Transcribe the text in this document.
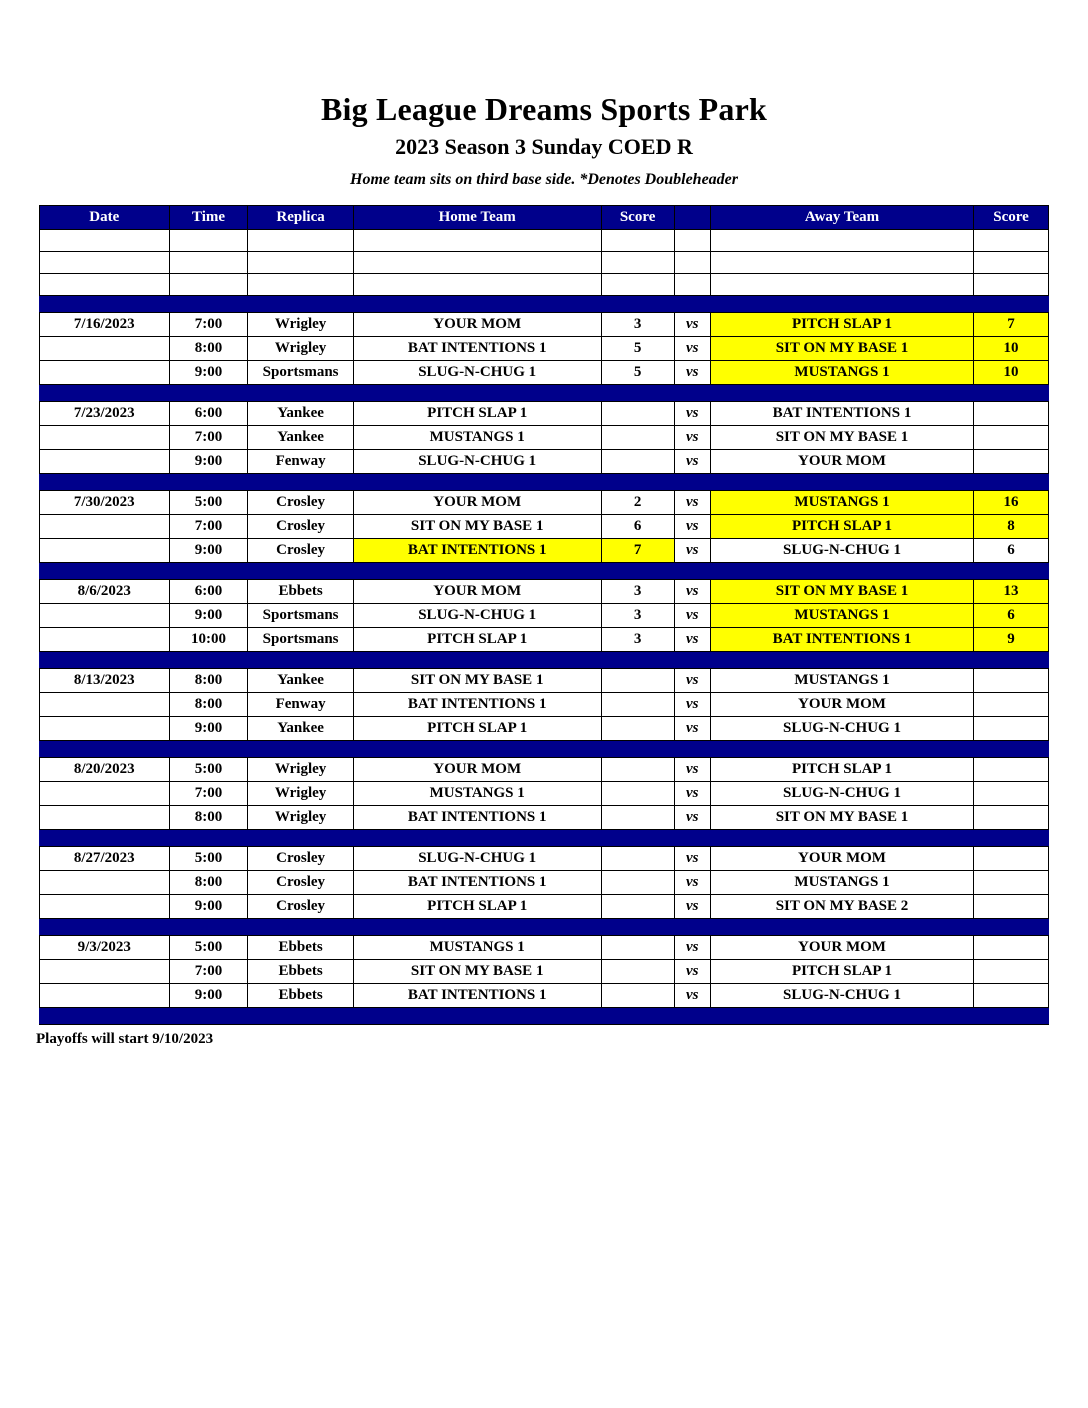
Big League Dreams Sports Park
2023 Season 3 Sunday COED R
Home team sits on third base side. *Denotes Doubleheader
Date	Time	Replica	Home Team	Score		Away Team	Score

7/16/2023	7:00	Wrigley	YOUR MOM	3	vs	PITCH SLAP 1	7
	8:00	Wrigley	BAT INTENTIONS 1	5	vs	SIT ON MY BASE 1	10
	9:00	Sportsmans	SLUG-N-CHUG 1	5	vs	MUSTANGS 1	10

7/23/2023	6:00	Yankee	PITCH SLAP 1		vs	BAT INTENTIONS 1	
	7:00	Yankee	MUSTANGS 1		vs	SIT ON MY BASE 1	
	9:00	Fenway	SLUG-N-CHUG 1		vs	YOUR MOM	

7/30/2023	5:00	Crosley	YOUR MOM	2	vs	MUSTANGS 1	16
	7:00	Crosley	SIT ON MY BASE 1	6	vs	PITCH SLAP 1	8
	9:00	Crosley	BAT INTENTIONS 1	7	vs	SLUG-N-CHUG 1	6

8/6/2023	6:00	Ebbets	YOUR MOM	3	vs	SIT ON MY BASE 1	13
	9:00	Sportsmans	SLUG-N-CHUG 1	3	vs	MUSTANGS 1	6
	10:00	Sportsmans	PITCH SLAP 1	3	vs	BAT INTENTIONS 1	9

8/13/2023	8:00	Yankee	SIT ON MY BASE 1		vs	MUSTANGS 1	
	8:00	Fenway	BAT INTENTIONS 1		vs	YOUR MOM	
	9:00	Yankee	PITCH SLAP 1		vs	SLUG-N-CHUG 1	

8/20/2023	5:00	Wrigley	YOUR MOM		vs	PITCH SLAP 1	
	7:00	Wrigley	MUSTANGS 1		vs	SLUG-N-CHUG 1	
	8:00	Wrigley	BAT INTENTIONS 1		vs	SIT ON MY BASE 1	

8/27/2023	5:00	Crosley	SLUG-N-CHUG 1		vs	YOUR MOM	
	8:00	Crosley	BAT INTENTIONS 1		vs	MUSTANGS 1	
	9:00	Crosley	PITCH SLAP 1		vs	SIT ON MY BASE 2	

9/3/2023	5:00	Ebbets	MUSTANGS 1		vs	YOUR MOM	
	7:00	Ebbets	SIT ON MY BASE 1		vs	PITCH SLAP 1	
	9:00	Ebbets	BAT INTENTIONS 1		vs	SLUG-N-CHUG 1	

Playoffs will start 9/10/2023
